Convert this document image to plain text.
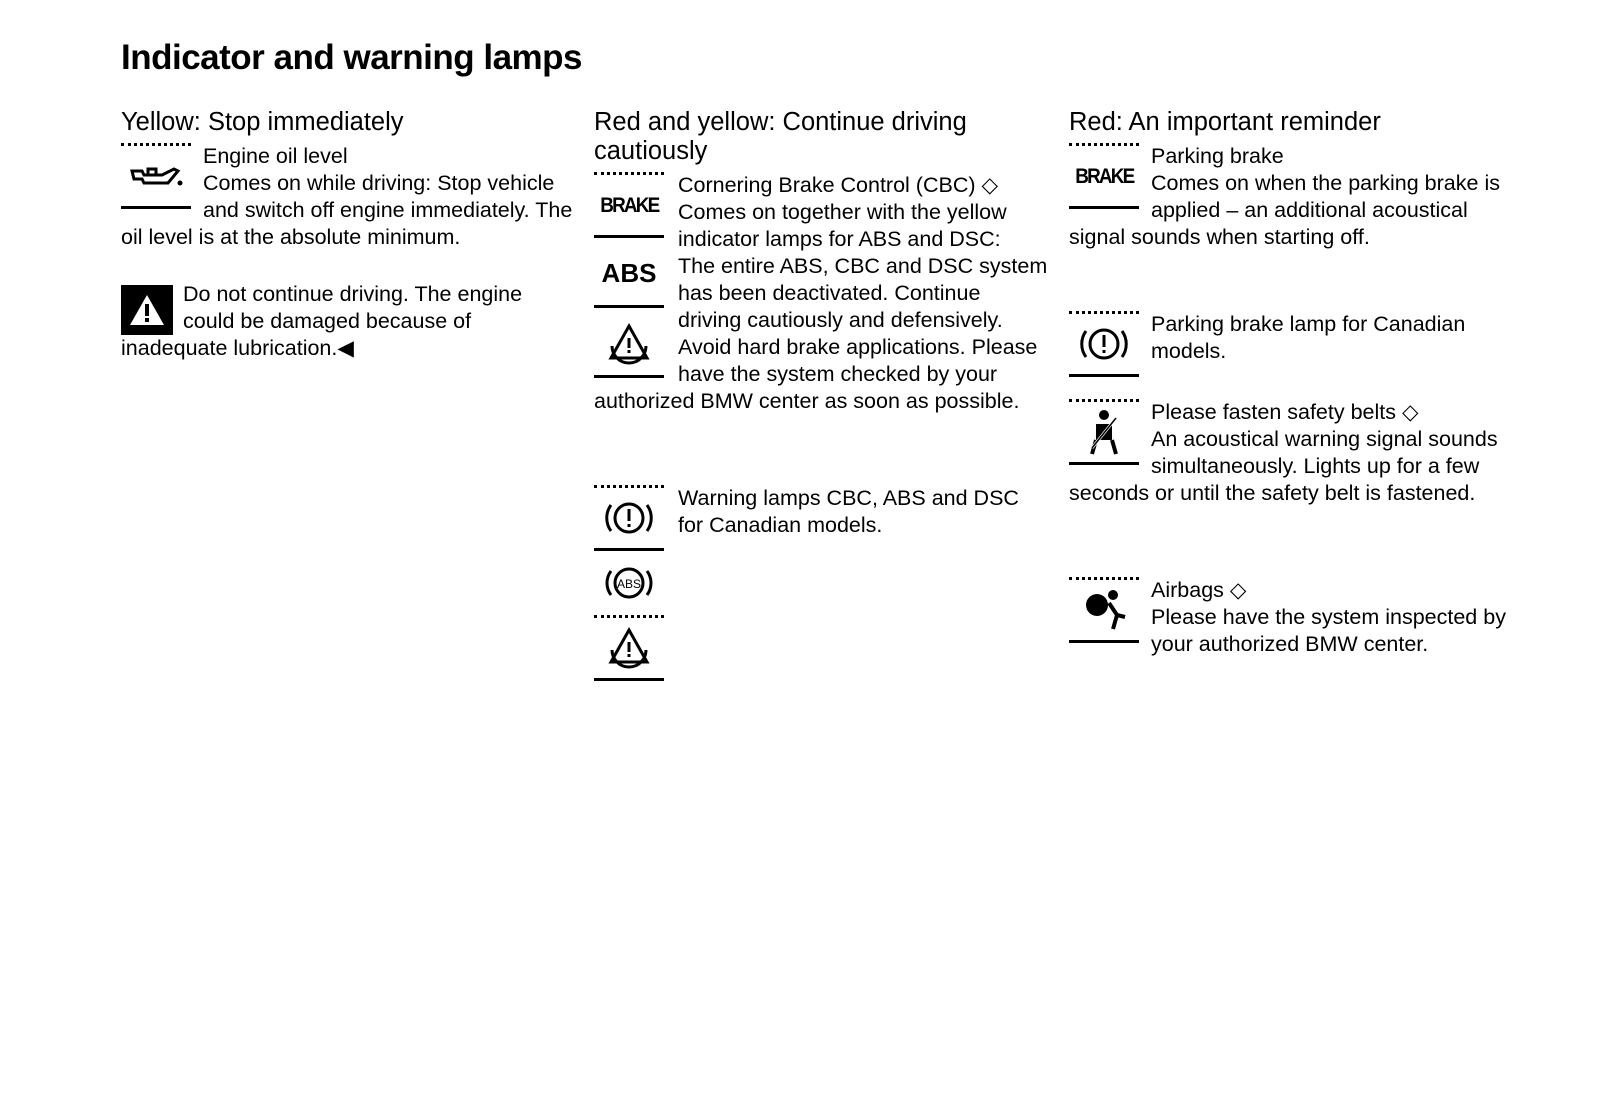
Indicator and warning lamps
Yellow: Stop immediately
Engine oil level
Comes on while driving: Stop vehicle and switch off engine immediately. The oil level is at the absolute minimum.
Do not continue driving. The engine could be damaged because of inadequate lubrication.◀
Red and yellow: Continue driving cautiously
BRAKE
ABS
Cornering Brake Control (CBC) ◇
Comes on together with the yellow indicator lamps for ABS and DSC:
The entire ABS, CBC and DSC system has been deactivated. Continue driving cautiously and defensively. Avoid hard brake applications. Please have the system checked by your authorized BMW center as soon as possible.
ABS
Warning lamps CBC, ABS and DSC for Canadian models.
Red: An important reminder
BRAKE
Parking brake
Comes on when the parking brake is applied – an additional acoustical signal sounds when starting off.
Parking brake lamp for Canadian models.
Please fasten safety belts ◇
An acoustical warning signal sounds simultaneously. Lights up for a few seconds or until the safety belt is fastened.
Airbags ◇
Please have the system inspected by your authorized BMW center.
